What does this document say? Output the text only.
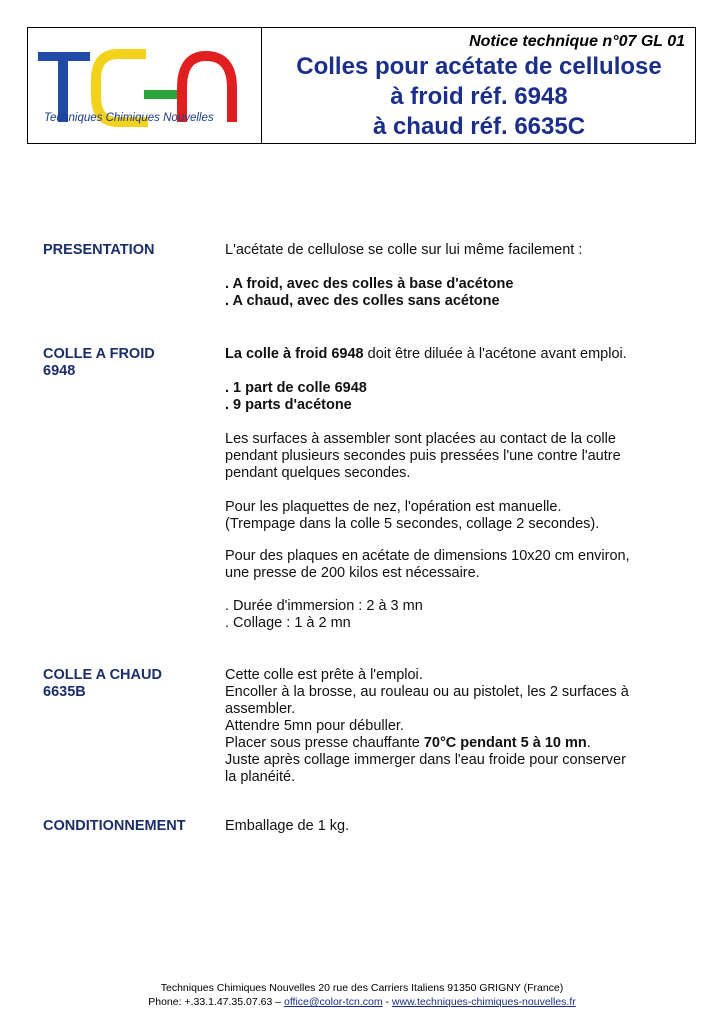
Techniques Chimiques Nouvelles
Notice technique n°07 GL 01
Colles pour acétate de cellulose
à froid réf. 6948
à chaud réf. 6635C
PRESENTATION	L'acétate de cellulose se colle sur lui même facilement :
. A froid, avec des colles à base d'acétone
. A chaud, avec des colles sans acétone
COLLE A FROID
6948
La colle à froid 6948 doit être diluée à l'acétone avant emploi.
. 1 part de colle 6948
. 9 parts d'acétone
Les surfaces à assembler sont placées au contact de la colle
pendant plusieurs secondes puis pressées l'une contre l'autre
pendant quelques secondes.
Pour les plaquettes de nez, l'opération est manuelle.
(Trempage dans la colle 5 secondes, collage 2 secondes).
Pour des plaques en acétate de dimensions 10x20 cm environ,
une presse de 200 kilos est nécessaire.
. Durée d'immersion : 2 à 3 mn
. Collage : 1 à 2 mn
COLLE A CHAUD
6635B
Cette colle est prête à l'emploi.
Encoller à la brosse, au rouleau ou au pistolet, les 2 surfaces à
assembler.
Attendre 5mn pour débuller.
Placer sous presse chauffante 70°C pendant 5 à 10 mn.
Juste après collage immerger dans l'eau froide pour conserver
la planéité.
CONDITIONNEMENT	Emballage de 1 kg.
Techniques Chimiques Nouvelles 20 rue des Carriers Italiens 91350 GRIGNY (France)
Phone: +.33.1.47.35.07.63 – office@color-tcn.com - www.techniques-chimiques-nouvelles.fr
